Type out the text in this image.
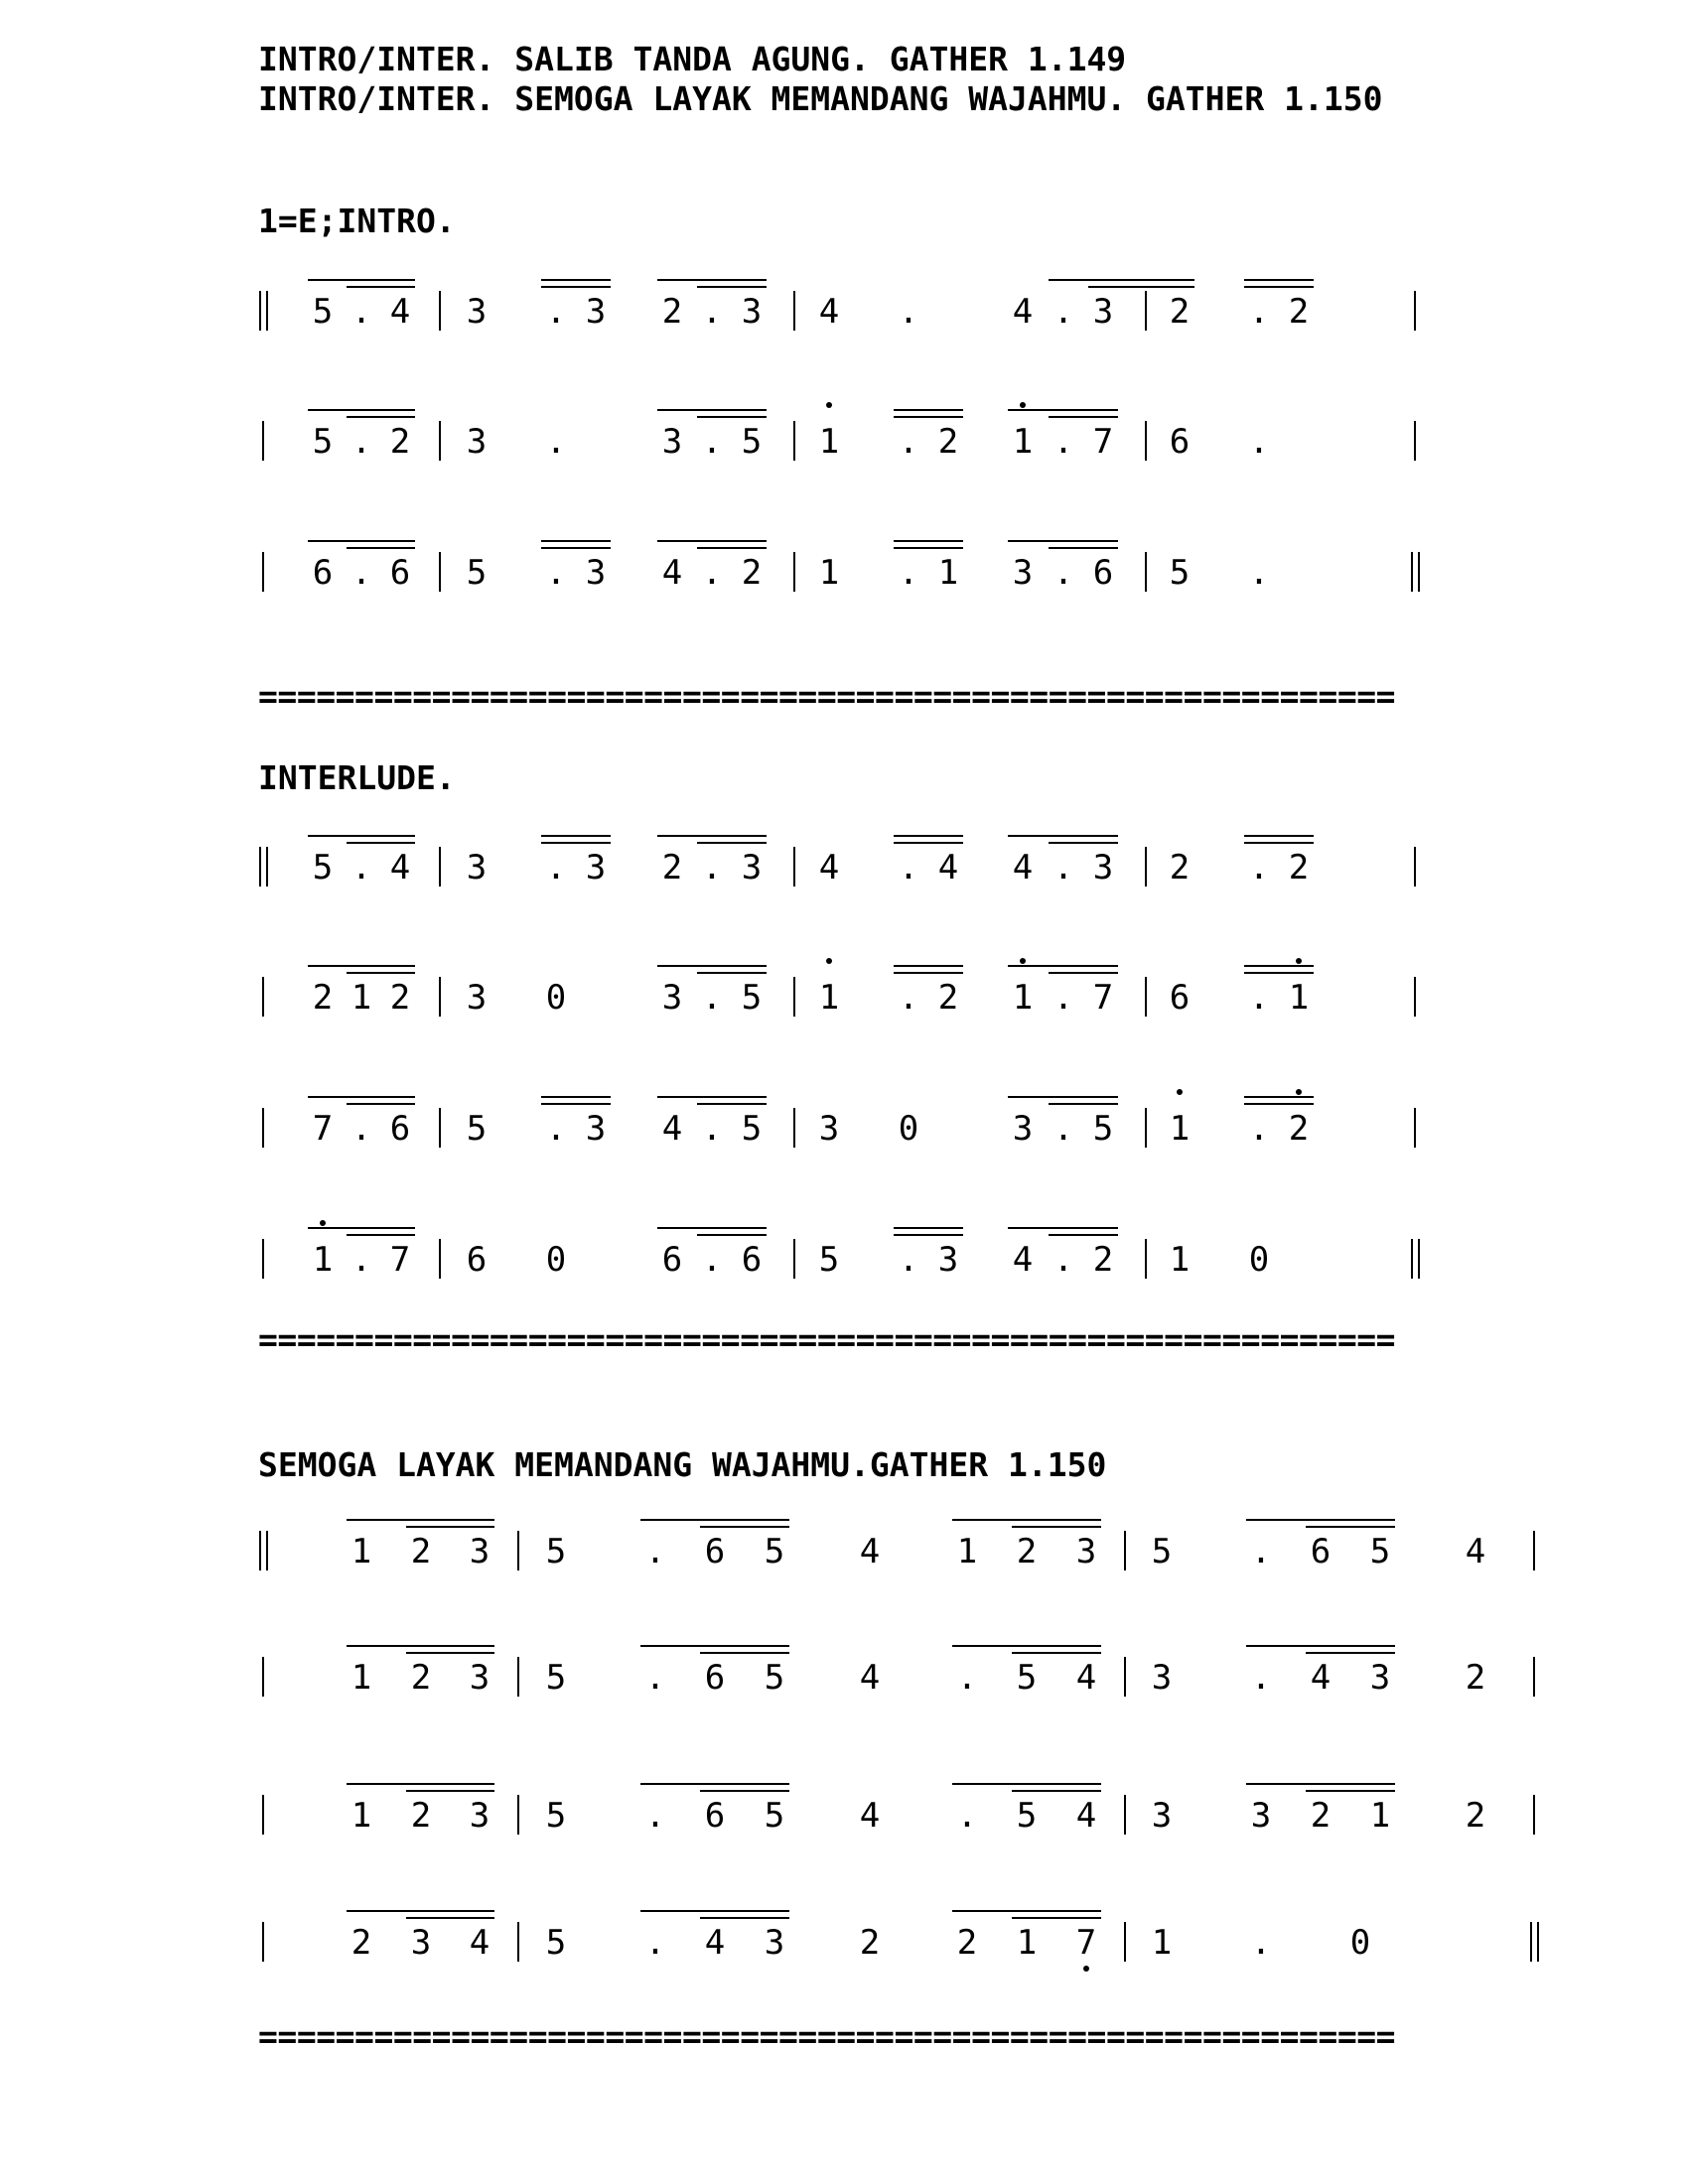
INTRO/INTER. SALIB TANDA AGUNG. GATHER 1.149
INTRO/INTER. SEMOGA LAYAK MEMANDANG WAJAHMU. GATHER 1.150
1=E;INTRO.
5 . 4 3 . 3 2 . 3 4 .	4 . 3 2 . 2
5 . 2 3 .	3 . 5 1 . 2 1 . 7 6 .
6 . 6 5 . 3 4 . 2 1 . 1 3 . 6 5 .
===========================================================
INTERLUDE.
5 . 4 3 . 3 2 . 3 4 . 4 4 . 3 2 . 2
2 1 2 3 0	3 . 5 1 . 2 1 . 7 6 . 1
7 . 6 5 . 3 4 . 5 3 0	3 . 5 1 . 2
1 . 7 6 0	6 . 6 5 . 3 4 . 2 1 0
===========================================================
SEMOGA LAYAK MEMANDANG WAJAHMU.GATHER 1.150
1 2 3 5 . 6 5 4 1 2 3 5 . 6 5 4
1 2 3 5 . 6 5 4 . 5 4 3 . 4 3 2
1 2 3 5 . 6 5 4 . 5 4 3 3 2 1 2
2 3 4 5 . 4 3 2 2 1 7 1 . 0
===========================================================
